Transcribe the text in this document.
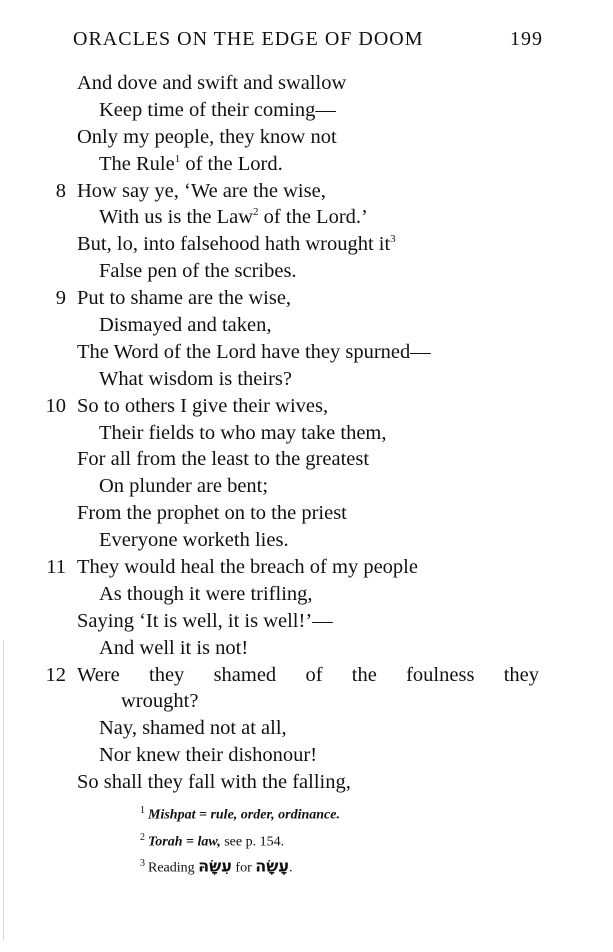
ORACLES ON THE EDGE OF DOOM	199
And dove and swift and swallow
Keep time of their coming—
Only my people, they know not
The Rule$^1$ of the Lord.
8 How say ye, ‘We are the wise,
With us is the Law$^2$ of the Lord.’
But, lo, into falsehood hath wrought it$^3$
False pen of the scribes.
9 Put to shame are the wise,
Dismayed and taken,
The Word of the Lord have they spurned—
What wisdom is theirs?
10 So to others I give their wives,
Their fields to who may take them,
For all from the least to the greatest
On plunder are bent;
From the prophet on to the priest
Everyone worketh lies.
11 They would heal the breach of my people
As though it were trifling,
Saying ‘It is well, it is well!’—
And well it is not!
12 Were they shamed of the foulness they
wrought?
Nay, shamed not at all,
Nor knew their dishonour!
So shall they fall with the falling,
$^1$ Mishpat = rule, order, ordinance.
$^2$ Torah = law, see p. 154.
$^3$ Reading עִשָּׂהּ for עָשָׂה.
